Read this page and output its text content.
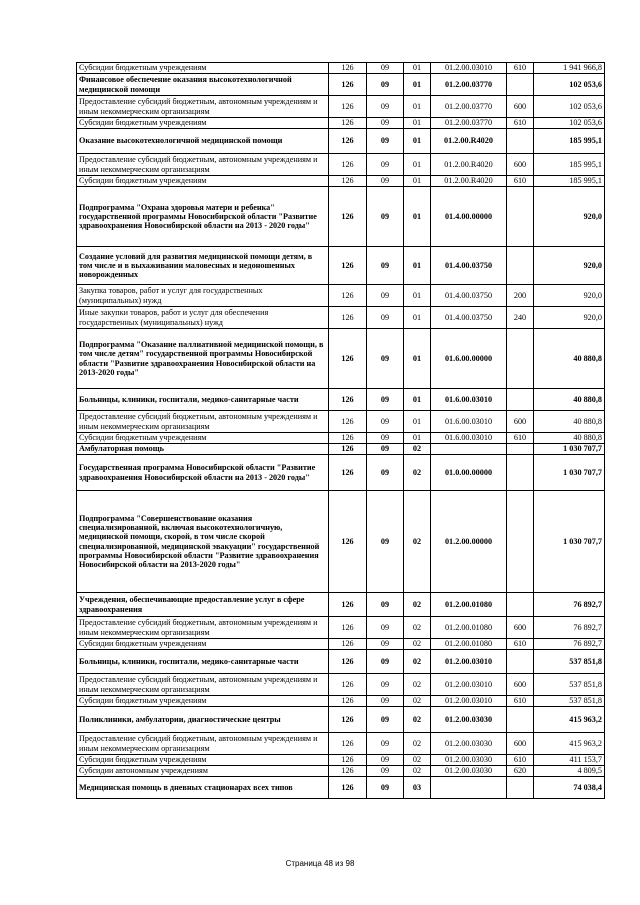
Субсидии бюджетным учреждениям	126	09	01	01.2.00.03010	610	1 941 966,8
Финансовое обеспечение оказания высокотехнологичной медицинской помощи	126	09	01	01.2.00.03770		102 053,6
Предоставление субсидий бюджетным, автономным учреждениям и иным некоммерческим организациям	126	09	01	01.2.00.03770	600	102 053,6
Субсидии бюджетным учреждениям	126	09	01	01.2.00.03770	610	102 053,6
Оказание высокотехнологичной медицинской помощи	126	09	01	01.2.00.R4020		185 995,1
Предоставление субсидий бюджетным, автономным учреждениям и иным некоммерческим организациям	126	09	01	01.2.00.R4020	600	185 995,1
Субсидии бюджетным учреждениям	126	09	01	01.2.00.R4020	610	185 995,1
Подпрограмма "Охрана здоровья матери и ребенка" государственной программы Новосибирской области "Развитие здравоохранения Новосибирской области на 2013 - 2020 годы"	126	09	01	01.4.00.00000		920,0
Создание условий для развития медицинской помощи детям, в том числе и в выхаживании маловесных и недоношенных новорожденных	126	09	01	01.4.00.03750		920,0
Закупка товаров, работ и услуг для государственных (муниципальных) нужд	126	09	01	01.4.00.03750	200	920,0
Иные закупки товаров, работ и услуг для обеспечения государственных (муниципальных) нужд	126	09	01	01.4.00.03750	240	920,0
Подпрограмма "Оказание паллиативной медицинской помощи, в том числе детям" государственной программы Новосибирской области "Развитие здравоохранения Новосибирской области на 2013-2020 годы"	126	09	01	01.6.00.00000		40 880,8
Больницы, клиники, госпитали, медико-санитарные части	126	09	01	01.6.00.03010		40 880,8
Предоставление субсидий бюджетным, автономным учреждениям и иным некоммерческим организациям	126	09	01	01.6.00.03010	600	40 880,8
Субсидии бюджетным учреждениям	126	09	01	01.6.00.03010	610	40 880,8
Амбулаторная помощь	126	09	02			1 030 707,7
Государственная программа Новосибирской области "Развитие здравоохранения Новосибирской области на 2013 - 2020 годы"	126	09	02	01.0.00.00000		1 030 707,7
Подпрограмма "Совершенствование оказания специализированной, включая высокотехнологичную, медицинской помощи, скорой, в том числе скорой специализированной, медицинской эвакуации" государственной программы Новосибирской области "Развитие здравоохранения Новосибирской области на 2013-2020 годы"	126	09	02	01.2.00.00000		1 030 707,7
Учреждения, обеспечивающие предоставление услуг в сфере здравоохранения	126	09	02	01.2.00.01080		76 892,7
Предоставление субсидий бюджетным, автономным учреждениям и иным некоммерческим организациям	126	09	02	01.2.00.01080	600	76 892,7
Субсидии бюджетным учреждениям	126	09	02	01.2.00.01080	610	76 892,7
Больницы, клиники, госпитали, медико-санитарные части	126	09	02	01.2.00.03010		537 851,8
Предоставление субсидий бюджетным, автономным учреждениям и иным некоммерческим организациям	126	09	02	01.2.00.03010	600	537 851,8
Субсидии бюджетным учреждениям	126	09	02	01.2.00.03010	610	537 851,8
Поликлиники, амбулатории, диагностические центры	126	09	02	01.2.00.03030		415 963,2
Предоставление субсидий бюджетным, автономным учреждениям и иным некоммерческим организациям	126	09	02	01.2.00.03030	600	415 963,2
Субсидии бюджетным учреждениям	126	09	02	01.2.00.03030	610	411 153,7
Субсидии автономным учреждениям	126	09	02	01.2.00.03030	620	4 809,5
Медицинская помощь в дневных стационарах всех типов	126	09	03			74 038,4
Страница 48 из 98
